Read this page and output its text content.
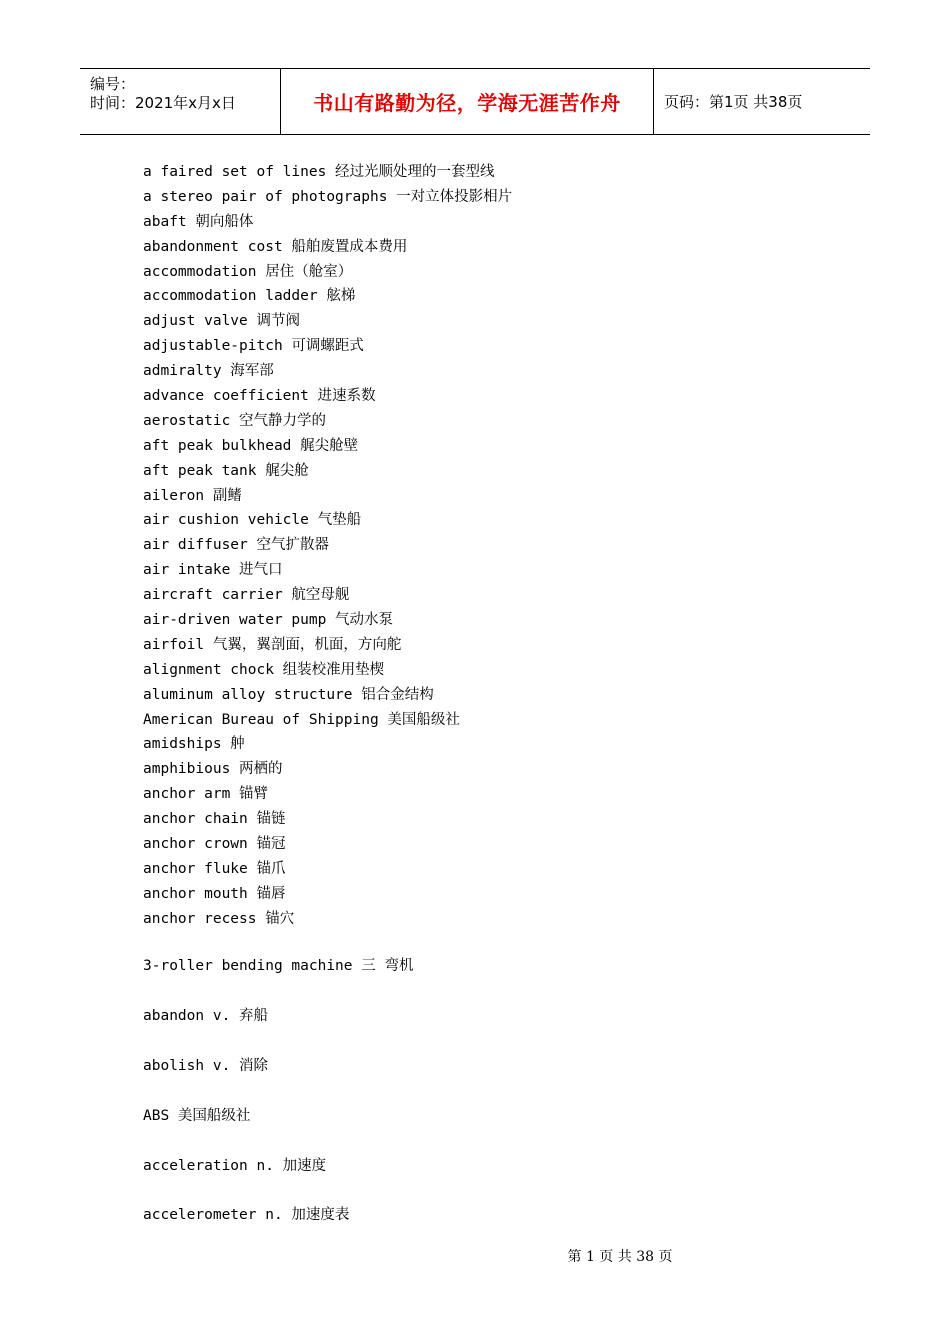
编号：
时间：2021年x月x日	书山有路勤为径，学海无涯苦作舟	页码：第1页 共38页
a faired set of lines 经过光顺处理的一套型线
a stereo pair of photographs 一对立体投影相片
abaft 朝向船体
abandonment cost 船舶废置成本费用
accommodation 居住（舱室）
accommodation ladder 舷梯
adjust valve 调节阀
adjustable-pitch 可调螺距式
admiralty 海军部
advance coefficient 进速系数
aerostatic 空气静力学的
aft peak bulkhead 艉尖舱壁
aft peak tank 艉尖舱
aileron 副鳍
air cushion vehicle 气垫船
air diffuser 空气扩散器
air intake 进气口
aircraft carrier 航空母舰
air-driven water pump 气动水泵
airfoil 气翼，翼剖面，机面，方向舵
alignment chock 组装校准用垫楔
aluminum alloy structure 铝合金结构
American Bureau of Shipping 美国船级社
amidships 舯
amphibious 两栖的
anchor arm 锚臂
anchor chain 锚链
anchor crown 锚冠
anchor fluke 锚爪
anchor mouth 锚唇
anchor recess 锚穴
3-roller bending machine 三 弯机
abandon v. 弃船
abolish v. 消除
ABS 美国船级社
acceleration n. 加速度
accelerometer n. 加速度表
第 1 页 共 38 页
